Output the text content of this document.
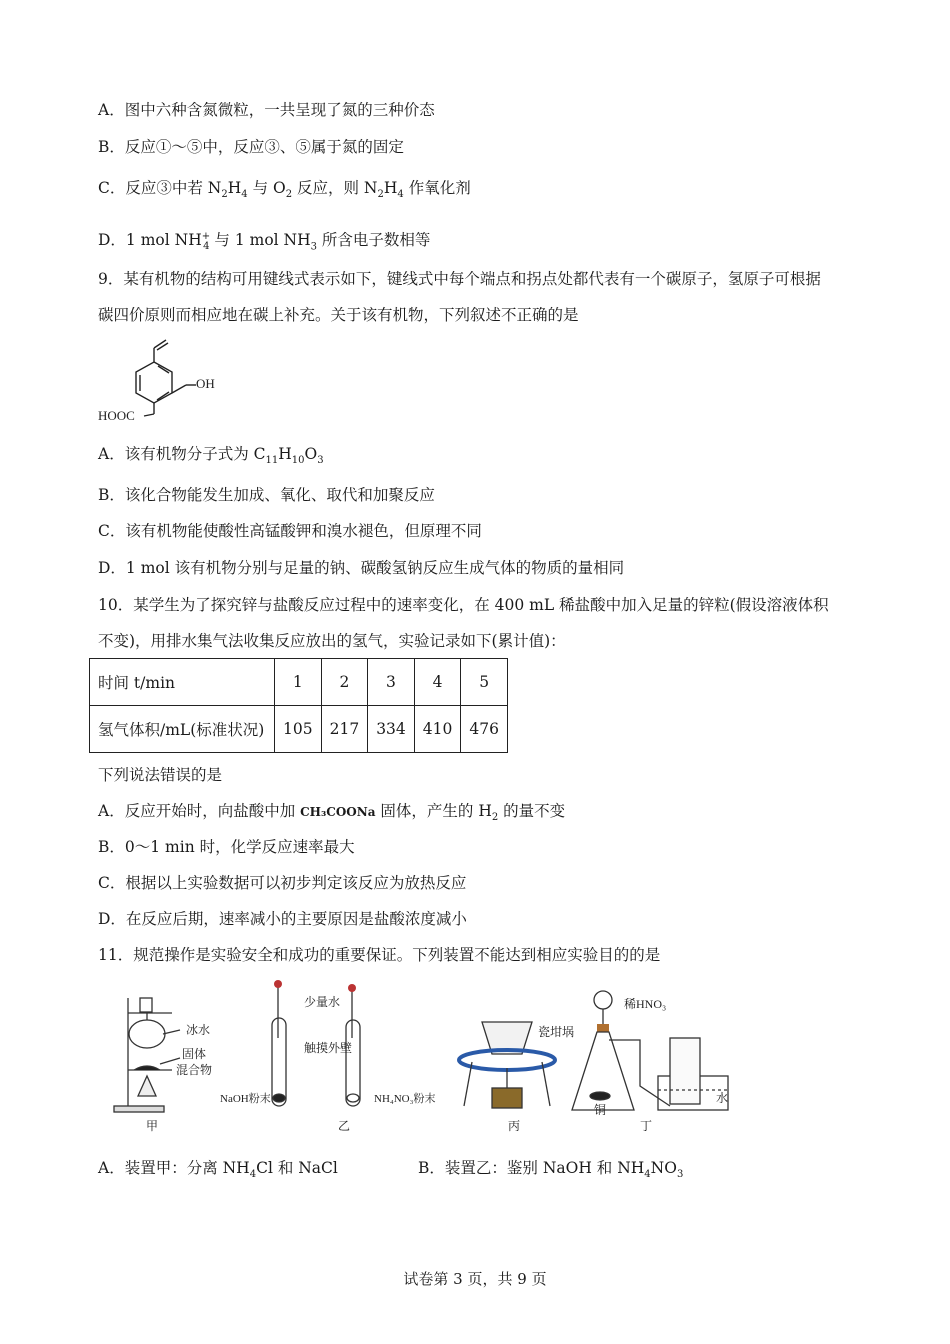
A．图中六种含氮微粒，一共呈现了氮的三种价态
B．反应①～⑤中，反应③、⑤属于氮的固定
C．反应③中若 $N_2H_4$ 与 $O_2$ 反应，则 $N_2H_4$ 作氧化剂
D．1 mol $NH^+_4$ 与 1 mol $NH_3$ 所含电子数相等
9．某有机物的结构可用键线式表示如下，键线式中每个端点和拐点处都代表有一个碳原子，氢原子可根据
碳四价原则而相应地在碳上补充。关于该有机物，下列叙述不正确的是
OH
HOOC
A．该有机物分子式为 $C_{11}H_{10}O_3$
B．该化合物能发生加成、氧化、取代和加聚反应
C．该有机物能使酸性高锰酸钾和溴水褪色，但原理不同
D．1 mol 该有机物分别与足量的钠、碳酸氢钠反应生成气体的物质的量相同
10．某学生为了探究锌与盐酸反应过程中的速率变化，在 400 mL 稀盐酸中加入足量的锌粒(假设溶液体积
不变)，用排水集气法收集反应放出的氢气，实验记录如下(累计值)：
时间 t/min	1	2	3	4	5
氢气体积/mL(标准状况)	105	217	334	410	476
下列说法错误的是
A．反应开始时，向盐酸中加 CH₃COONa 固体，产生的 $H_2$ 的量不变
B．0～1 min 时，化学反应速率最大
C．根据以上实验数据可以初步判定该反应为放热反应
D．在反应后期，速率减小的主要原因是盐酸浓度减小
11．规范操作是实验安全和成功的重要保证。下列装置不能达到相应实验目的的是
冰水
固体
混合物
甲
少量水
触摸外壁
NaOH粉末	NH₄NO₃粉末
乙
瓷坩埚
丙
稀HNO₃
铜
水
丁
A．装置甲：分离 $NH_4Cl$ 和 NaCl	B．装置乙：鉴别 NaOH 和 $NH_4NO_3$
试卷第 3 页，共 9 页
